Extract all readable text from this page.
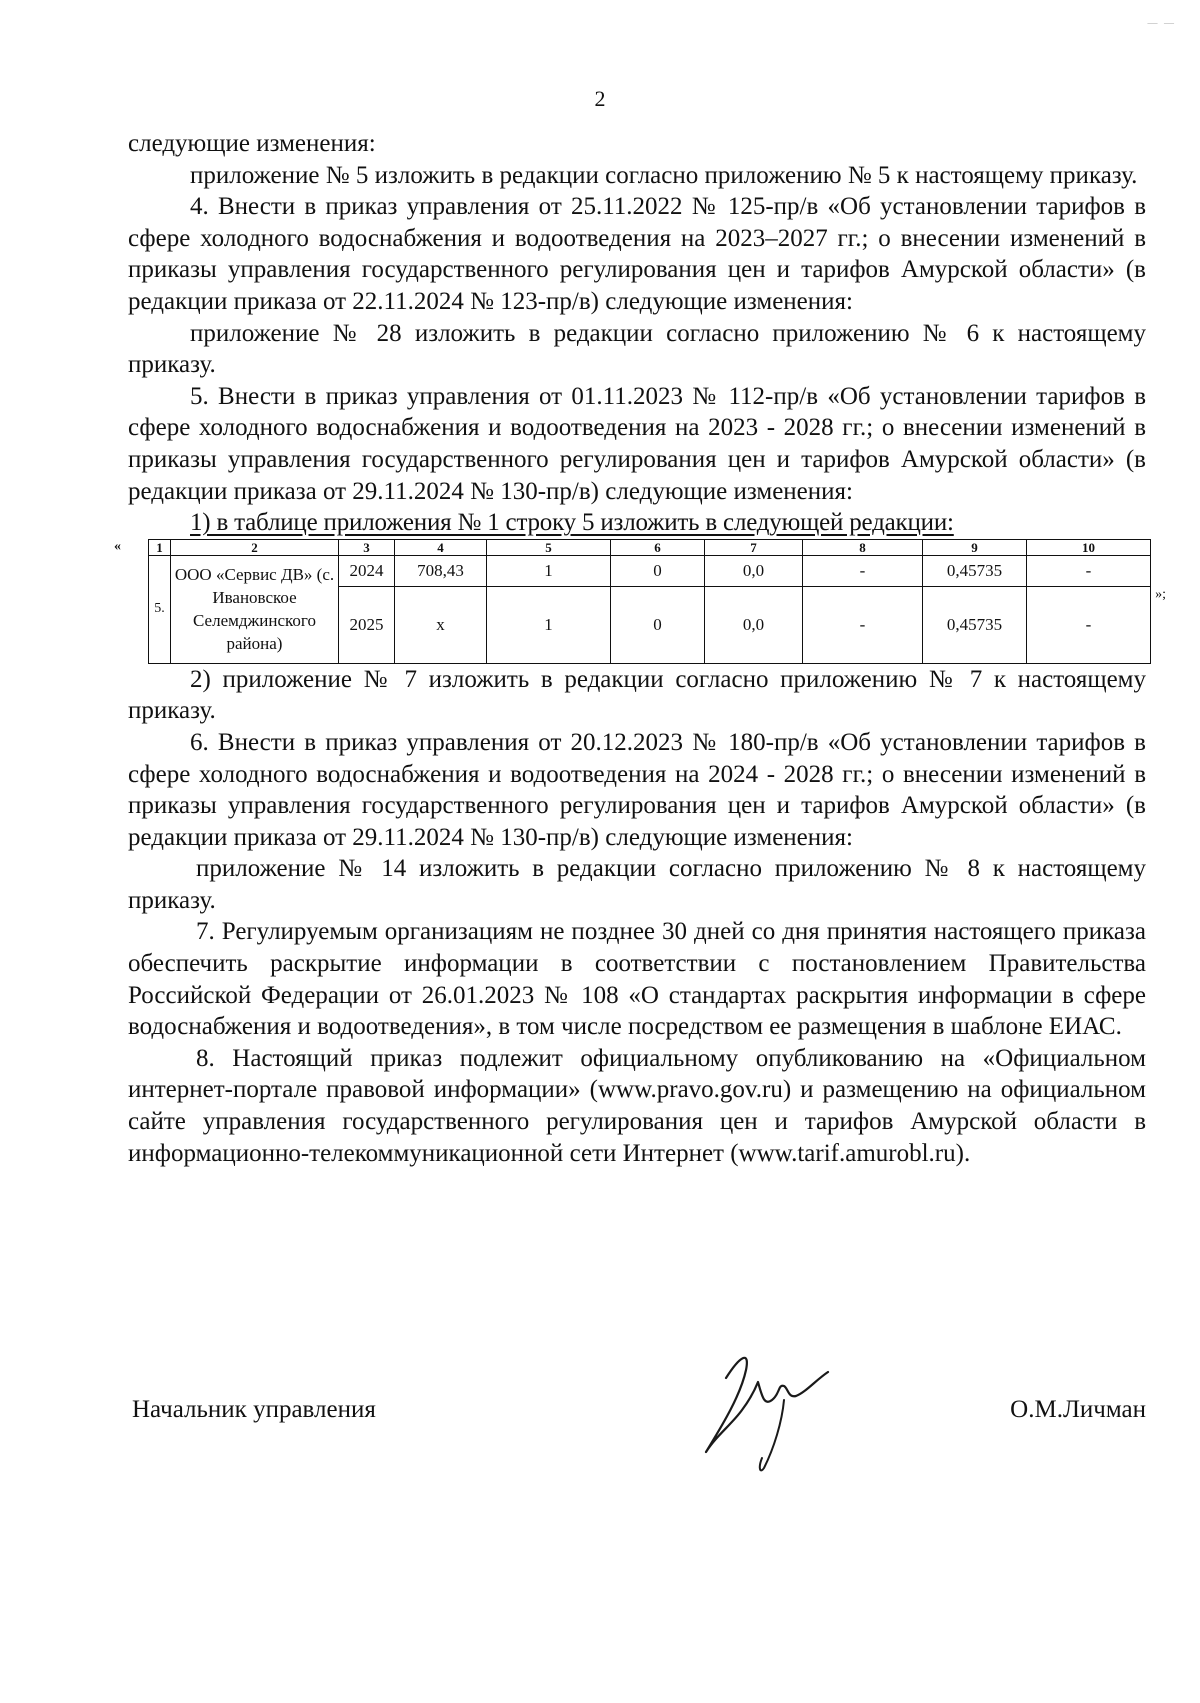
— —
2

следующие изменения:

приложение № 5 изложить в редакции согласно приложению № 5 к настоящему приказу.

4. Внести в приказ управления от 25.11.2022 № 125-пр/в «Об установлении тарифов в сфере холодного водоснабжения и водоотведения на 2023–2027 гг.; о внесении изменений в приказы управления государственного регулирования цен и тарифов Амурской области» (в редакции приказа от 22.11.2024 № 123-пр/в) следующие изменения:

приложение № 28 изложить в редакции согласно приложению № 6 к настоящему приказу.

5. Внести в приказ управления от 01.11.2023 № 112-пр/в «Об установлении тарифов в сфере холодного водоснабжения и водоотведения на 2023 - 2028 гг.; о внесении изменений в приказы управления государственного регулирования цен и тарифов Амурской области» (в редакции приказа от 29.11.2024 № 130-пр/в) следующие изменения:

1) в таблице приложения № 1 строку 5 изложить в следующей редакции:

«	1	2	3	4	5	6	7	8	9	10
5.	ООО «Сервис ДВ» (с. Ивановское Селемджинского района)	2024	708,43	1	0	0,0	-	0,45735	-
		2025	х	1	0	0,0	-	0,45735	-
»;

2) приложение № 7 изложить в редакции согласно приложению № 7 к настоящему приказу.

6. Внести в приказ управления от 20.12.2023 № 180-пр/в «Об установлении тарифов в сфере холодного водоснабжения и водоотведения на 2024 - 2028 гг.; о внесении изменений в приказы управления государственного регулирования цен и тарифов Амурской области» (в редакции приказа от 29.11.2024 № 130-пр/в) следующие изменения:

приложение № 14 изложить в редакции согласно приложению № 8 к настоящему приказу.

7. Регулируемым организациям не позднее 30 дней со дня принятия настоящего приказа обеспечить раскрытие информации в соответствии с постановлением Правительства Российской Федерации от 26.01.2023 № 108 «О стандартах раскрытия информации в сфере водоснабжения и водоотведения», в том числе посредством ее размещения в шаблоне ЕИАС.

8. Настоящий приказ подлежит официальному опубликованию на «Официальном интернет-портале правовой информации» (www.pravo.gov.ru) и размещению на официальном сайте управления государственного регулирования цен и тарифов Амурской области в информационно-телекоммуникационной сети Интернет (www.tarif.amurobl.ru).

Начальник управления	О.М.Личман
